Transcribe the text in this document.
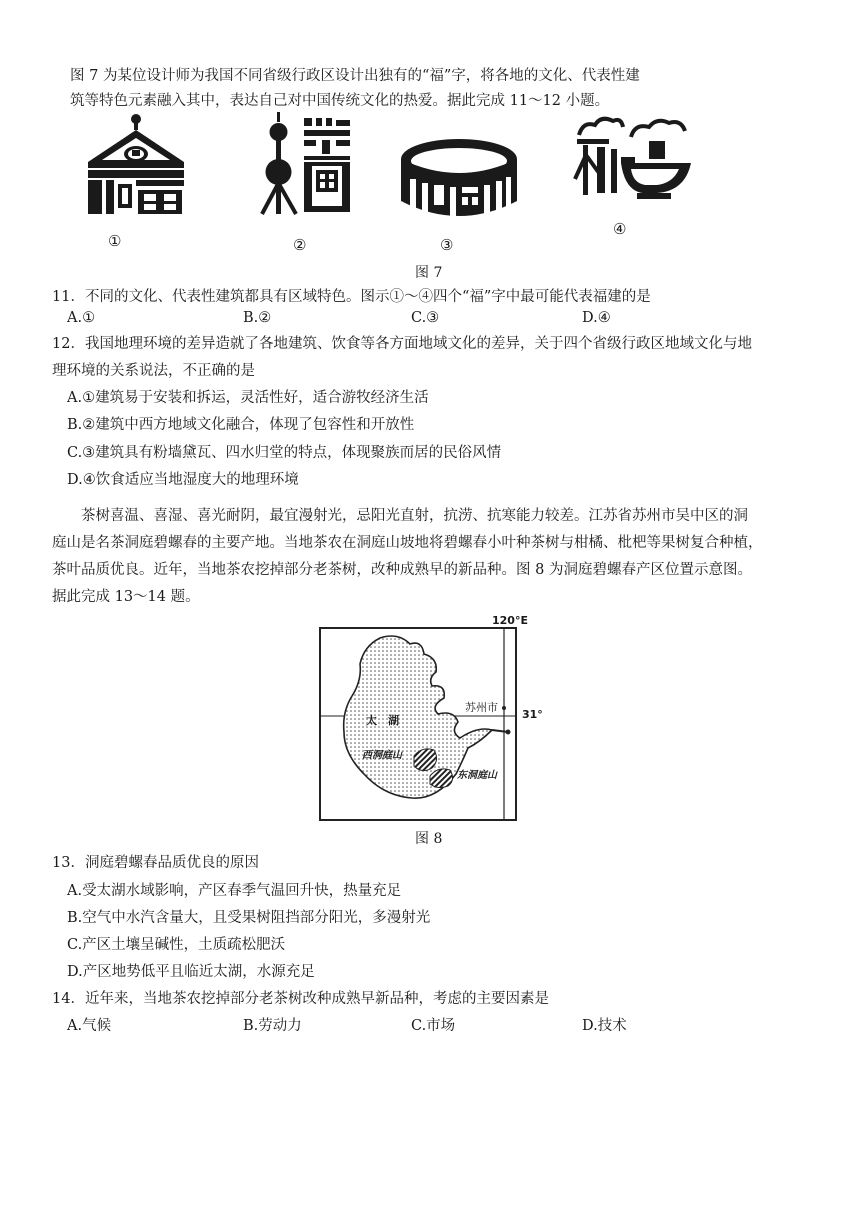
图 7 为某位设计师为我国不同省级行政区设计出独有的“福”字，将各地的文化、代表性建
筑等特色元素融入其中，表达自己对中国传统文化的热爱。据此完成 11～12 小题。
①	②	③
④
图 7
11．不同的文化、代表性建筑都具有区域特色。图示①～④四个“福”字中最可能代表福建的是
A.①	B.②	C.③	D.④
12．我国地理环境的差异造就了各地建筑、饮食等各方面地域文化的差异，关于四个省级行政区地域文化与地
理环境的关系说法，不正确的是
A.①建筑易于安装和拆运，灵活性好，适合游牧经济生活
B.②建筑中西方地域文化融合，体现了包容性和开放性
C.③建筑具有粉墙黛瓦、四水归堂的特点，体现聚族而居的民俗风情
D.④饮食适应当地湿度大的地理环境
　　茶树喜温、喜湿、喜光耐阴，最宜漫射光，忌阳光直射，抗涝、抗寒能力较差。江苏省苏州市吴中区的洞
庭山是名茶洞庭碧螺春的主要产地。当地茶农在洞庭山坡地将碧螺春小叶种茶树与柑橘、枇杷等果树复合种植，
茶叶品质优良。近年，当地茶农挖掉部分老茶树，改种成熟早的新品种。图 8 为洞庭碧螺春产区位置示意图。
据此完成 13～14 题。
120°E
31°
苏州市
太　湖
西洞庭山
东洞庭山
图 8
13．洞庭碧螺春品质优良的原因
A.受太湖水域影响，产区春季气温回升快，热量充足
B.空气中水汽含量大，且受果树阻挡部分阳光，多漫射光
C.产区土壤呈碱性，土质疏松肥沃
D.产区地势低平且临近太湖，水源充足
14．近年来，当地茶农挖掉部分老茶树改种成熟早新品种，考虑的主要因素是
A.气候	B.劳动力	C.市场	D.技术
